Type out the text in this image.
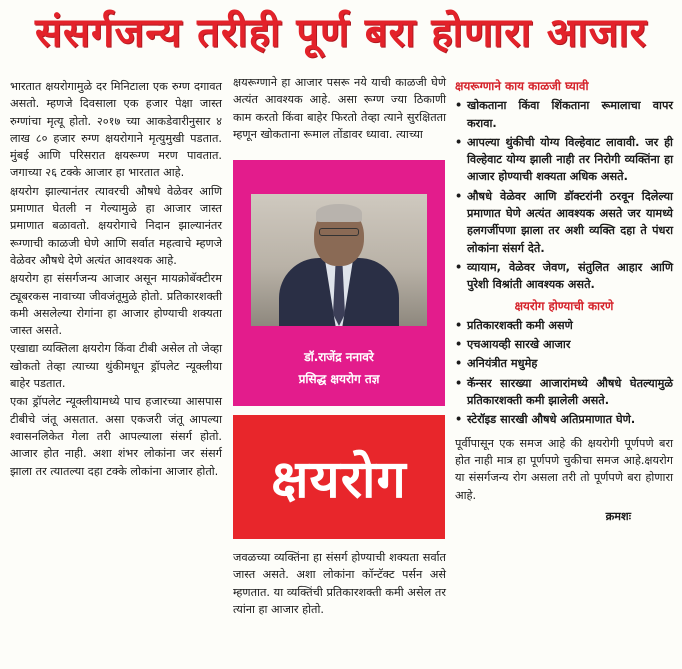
संसर्गजन्य तरीही पूर्ण बरा होणारा आजार

भारतात क्षयरोगामुळे दर मिनिटाला एक रुग्ण दगावत असतो. म्हणजे दिवसाला एक हजार पेक्षा जास्त रुग्णांचा मृत्यू होतो. २०१७ च्या आकडेवारीनुसार ४ लाख ८० हजार रुग्ण क्षयरोगाने मृत्युमुखी पडतात. मुंबई आणि परिसरात क्षयरूग्ण मरण पावतात. जगाच्या २६ टक्के आजार हा भारतात आहे.

क्षयरोग झाल्यानंतर त्यावरची औषधे वेळेवर आणि प्रमाणात घेतली न गेल्यामुळे हा आजार जास्त प्रमाणात बळावतो. क्षयरोगाचे निदान झाल्यानंतर रूग्णाची काळजी घेणे आणि सर्वात महत्वाचे म्हणजे वेळेवर औषधे देणे अत्यंत आवश्यक आहे.

क्षयरोग हा संसर्गजन्य आजार असून मायक्रोबॅक्टीरम ट्यूबरकस नावाच्या जीवजंतूमुळे होतो. प्रतिकारशक्ती कमी असलेल्या रोगांना हा आजार होण्याची शक्यता जास्त असते.

एखाद्या व्यक्तिला क्षयरोग किंवा टीबी असेल तो जेव्हा खोकतो तेव्हा त्याच्या थुंकीमधून ड्रॉपलेट न्यूक्लीया बाहेर पडतात.

एका ड्रॉपलेट न्यूक्लीयामध्ये पाच हजारच्या आसपास टीबीचे जंतू असतात. असा एकजरी जंतू आपल्या श्वासनलिकेत गेला तरी आपल्याला संसर्ग होतो. आजार होत नाही. अशा शंभर लोकांना जर संसर्ग झाला तर त्यातल्या दहा टक्के लोकांना आजार होतो.

क्षयरूग्णाने हा आजार पसरू नये याची काळजी घेणे अत्यंत आवश्यक आहे. असा रूग्ण ज्या ठिकाणी काम करतो किंवा बाहेर फिरतो तेव्हा त्याने सुरक्षितता म्हणून खोकताना रूमाल तोंडावर ध्यावा. त्याच्या

डॉ.राजेंद्र ननावरे
प्रसिद्ध क्षयरोग तज्ञ
क्षयरोग

जवळच्या व्यक्तिंना हा संसर्ग होण्याची शक्यता सर्वात जास्त असते. अशा लोकांना कॉन्टॅक्ट पर्सन असे म्हणतात. या व्यक्तिंची प्रतिकारशक्ती कमी असेल तर त्यांना हा आजार होतो.

क्षयरूग्णाने काय काळजी घ्यावी
• खोकताना किंवा शिंकताना रूमालाचा वापर करावा.
• आपल्या थुंकीची योग्य विल्हेवाट लावावी. जर ही विल्हेवाट योग्य झाली नाही तर निरोगी व्यक्तिंना हा आजार होण्याची शक्यता अधिक असते.
• औषधे वेळेवर आणि डॉक्टरांनी ठरवून दिलेल्या प्रमाणात घेणे अत्यंत आवश्यक असते जर यामध्ये हलगर्जीपणा झाला तर अशी व्यक्ति दहा ते पंधरा लोकांना संसर्ग देते.
• व्यायाम, वेळेवर जेवण, संतुलित आहार आणि पुरेशी विश्रांती आवश्यक असते.
क्षयरोग होण्याची कारणे
• प्रतिकारशक्ती कमी असणे
• एचआयव्ही सारखे आजार
• अनियंत्रीत मधुमेह
• कॅन्सर सारख्या आजारांमध्ये औषधे घेतल्यामुळे प्रतिकारशक्ती कमी झालेली असते.
• स्टेरॉइड सारखी औषधे अतिप्रमाणात घेणे.

पूर्वीपासून एक समज आहे की क्षयरोगी पूर्णपणे बरा होत नाही मात्र हा पूर्णपणे चुकीचा समज आहे.क्षयरोग या संसर्गजन्य रोग असला तरी तो पूर्णपणे बरा होणारा आहे.

क्रमशः
